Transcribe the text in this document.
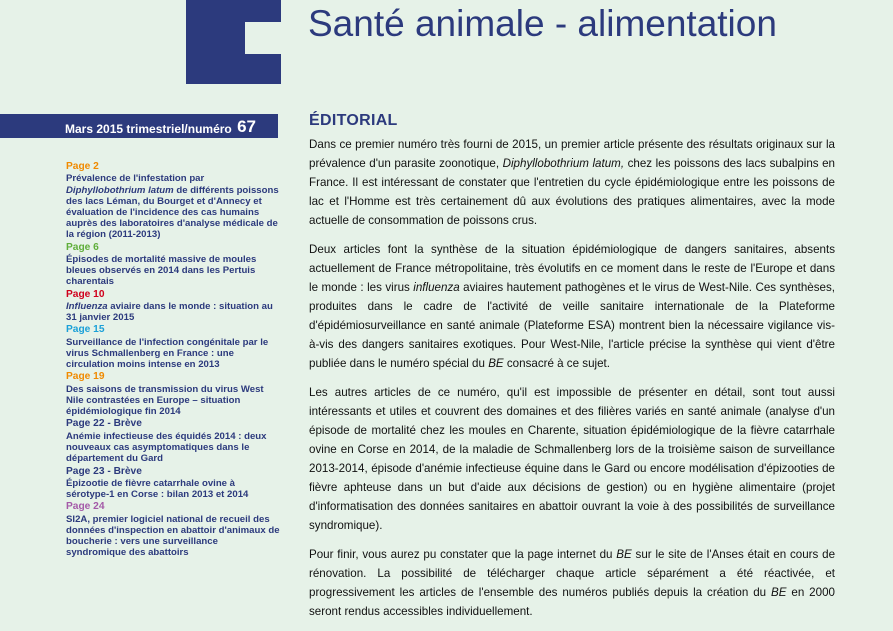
Santé animale - alimentation
Mars 2015 trimestriel/numéro 67
Page 2
Prévalence de l'infestation par Diphyllobothrium latum de différents poissons des lacs Léman, du Bourget et d'Annecy et évaluation de l'incidence des cas humains auprès des laboratoires d'analyse médicale de la région (2011-2013)
Page 6
Épisodes de mortalité massive de moules bleues observés en 2014 dans les Pertuis charentais
Page 10
Influenza aviaire dans le monde : situation au 31 janvier 2015
Page 15
Surveillance de l'infection congénitale par le virus Schmallenberg en France : une circulation moins intense en 2013
Page 19
Des saisons de transmission du virus West Nile contrastées en Europe – situation épidémiologique fin 2014
Page 22 - Brève
Anémie infectieuse des équidés 2014 : deux nouveaux cas asymptomatiques dans le département du Gard
Page 23 - Brève
Épizootie de fièvre catarrhale ovine à sérotype-1 en Corse : bilan 2013 et 2014
Page 24
SI2A, premier logiciel national de recueil des données d'inspection en abattoir d'animaux de boucherie : vers une surveillance syndromique des abattoirs
ÉDITORIAL

Dans ce premier numéro très fourni de 2015, un premier article présente des résultats originaux sur la prévalence d'un parasite zoonotique, Diphyllobothrium latum, chez les poissons des lacs subalpins en France. Il est intéressant de constater que l'entretien du cycle épidémiologique entre les poissons de lac et l'Homme est très certainement dû aux évolutions des pratiques alimentaires, avec la mode actuelle de consommation de poissons crus.

Deux articles font la synthèse de la situation épidémiologique de dangers sanitaires, absents actuellement de France métropolitaine, très évolutifs en ce moment dans le reste de l'Europe et dans le monde : les virus influenza aviaires hautement pathogènes et le virus de West-Nile. Ces synthèses, produites dans le cadre de l'activité de veille sanitaire internationale de la Plateforme d'épidémiosurveillance en santé animale (Plateforme ESA) montrent bien la nécessaire vigilance vis-à-vis des dangers sanitaires exotiques. Pour West-Nile, l'article précise la synthèse qui vient d'être publiée dans le numéro spécial du BE consacré à ce sujet.

Les autres articles de ce numéro, qu'il est impossible de présenter en détail, sont tout aussi intéressants et utiles et couvrent des domaines et des filières variés en santé animale (analyse d'un épisode de mortalité chez les moules en Charente, situation épidémiologique de la fièvre catarrhale ovine en Corse en 2014, de la maladie de Schmallenberg lors de la troisième saison de surveillance 2013-2014, épisode d'anémie infectieuse équine dans le Gard ou encore modélisation d'épizooties de fièvre aphteuse dans un but d'aide aux décisions de gestion) ou en hygiène alimentaire (projet d'informatisation des données sanitaires en abattoir ouvrant la voie à des possibilités de surveillance syndromique).

Pour finir, vous aurez pu constater que la page internet du BE sur le site de l'Anses était en cours de rénovation. La possibilité de télécharger chaque article séparément a été réactivée, et progressivement les articles de l'ensemble des numéros publiés depuis la création du BE en 2000 seront rendus accessibles individuellement.
